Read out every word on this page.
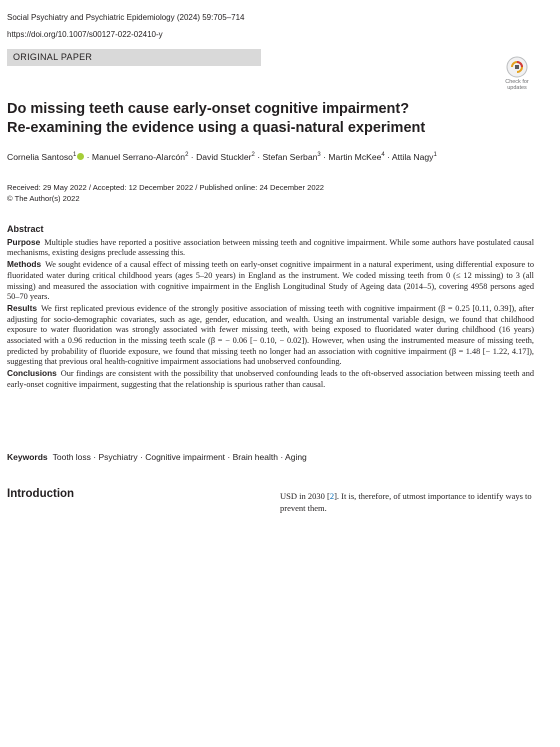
Social Psychiatry and Psychiatric Epidemiology (2024) 59:705–714
https://doi.org/10.1007/s00127-022-02410-y
ORIGINAL PAPER
Check for
updates
Do missing teeth cause early-onset cognitive impairment?
Re-examining the evidence using a quasi-natural experiment
Cornelia Santoso$^1$ · Manuel Serrano-Alarcón$^2$ · David Stuckler$^2$ · Stefan Serban$^3$ · Martin McKee$^4$ · Attila Nagy$^1$
Received: 29 May 2022 / Accepted: 12 December 2022 / Published online: 24 December 2022
© The Author(s) 2022
Abstract

Purpose Multiple studies have reported a positive association between missing teeth and cognitive impairment. While some authors have postulated causal mechanisms, existing designs preclude assessing this.

Methods We sought evidence of a causal effect of missing teeth on early-onset cognitive impairment in a natural experiment, using differential exposure to fluoridated water during critical childhood years (ages 5–20 years) in England as the instrument. We coded missing teeth from 0 (≤ 12 missing) to 3 (all missing) and measured the association with cognitive impairment in the English Longitudinal Study of Ageing data (2014–5), covering 4958 persons aged 50–70 years.

Results We first replicated previous evidence of the strongly positive association of missing teeth with cognitive impairment (β = 0.25 [0.11, 0.39]), after adjusting for socio-demographic covariates, such as age, gender, education, and wealth. Using an instrumental variable design, we found that childhood exposure to water fluoridation was strongly associated with fewer missing teeth, with being exposed to fluoridated water during childhood (16 years) associated with a 0.96 reduction in the missing teeth scale (β = − 0.06 [− 0.10, − 0.02]). However, when using the instrumented measure of missing teeth, predicted by probability of fluoride exposure, we found that missing teeth no longer had an association with cognitive impairment (β = 1.48 [− 1.22, 4.17]), suggesting that previous oral health-cognitive impairment associations had unobserved confounding.

Conclusions Our findings are consistent with the possibility that unobserved confounding leads to the oft-observed association between missing teeth and early-onset cognitive impairment, suggesting that the relationship is spurious rather than causal.

Keywords Tooth loss · Psychiatry · Cognitive impairment · Brain health · Aging
Introduction	USD in 2030 [2]. It is, therefore, of utmost importance to identify ways to prevent them.
